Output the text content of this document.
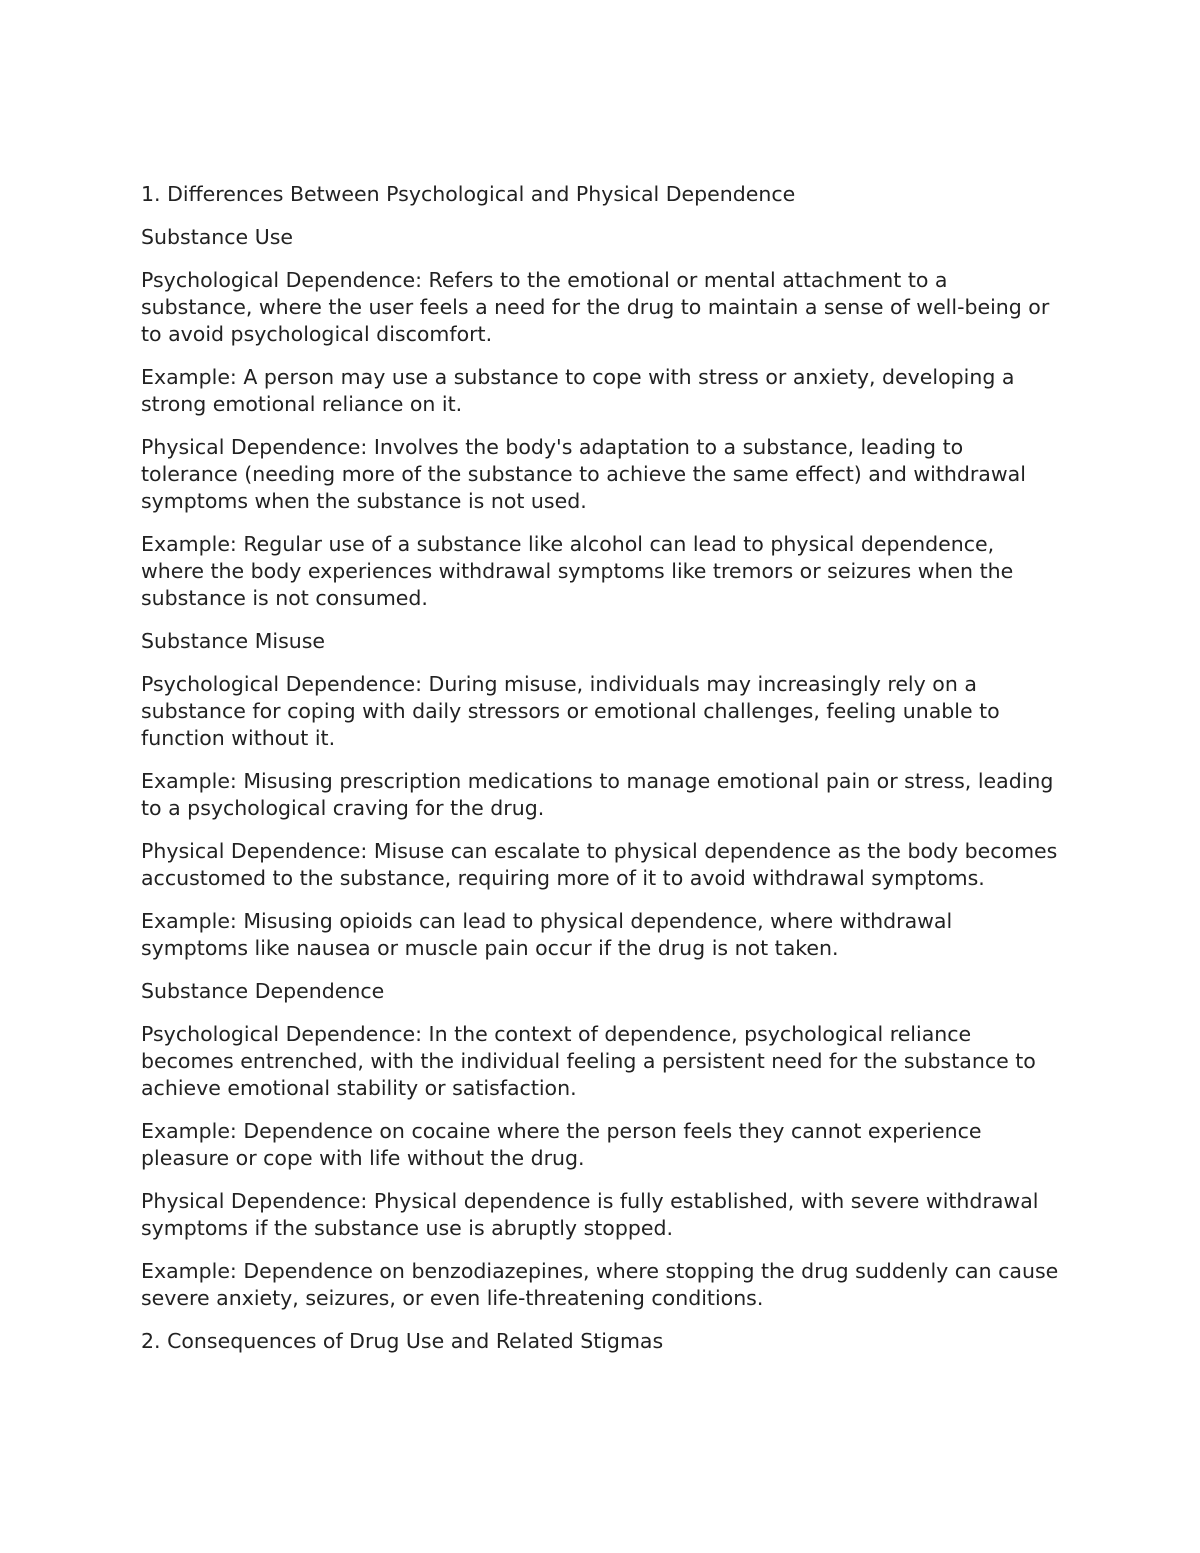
1. Differences Between Psychological and Physical Dependence

Substance Use

Psychological Dependence: Refers to the emotional or mental attachment to a substance, where the user feels a need for the drug to maintain a sense of well-being or to avoid psychological discomfort.

Example: A person may use a substance to cope with stress or anxiety, developing a strong emotional reliance on it.

Physical Dependence: Involves the body's adaptation to a substance, leading to tolerance (needing more of the substance to achieve the same effect) and withdrawal symptoms when the substance is not used.

Example: Regular use of a substance like alcohol can lead to physical dependence, where the body experiences withdrawal symptoms like tremors or seizures when the substance is not consumed.

Substance Misuse

Psychological Dependence: During misuse, individuals may increasingly rely on a substance for coping with daily stressors or emotional challenges, feeling unable to function without it.

Example: Misusing prescription medications to manage emotional pain or stress, leading to a psychological craving for the drug.

Physical Dependence: Misuse can escalate to physical dependence as the body becomes accustomed to the substance, requiring more of it to avoid withdrawal symptoms.

Example: Misusing opioids can lead to physical dependence, where withdrawal symptoms like nausea or muscle pain occur if the drug is not taken.

Substance Dependence

Psychological Dependence: In the context of dependence, psychological reliance becomes entrenched, with the individual feeling a persistent need for the substance to achieve emotional stability or satisfaction.

Example: Dependence on cocaine where the person feels they cannot experience pleasure or cope with life without the drug.

Physical Dependence: Physical dependence is fully established, with severe withdrawal symptoms if the substance use is abruptly stopped.

Example: Dependence on benzodiazepines, where stopping the drug suddenly can cause severe anxiety, seizures, or even life-threatening conditions.

2. Consequences of Drug Use and Related Stigmas
